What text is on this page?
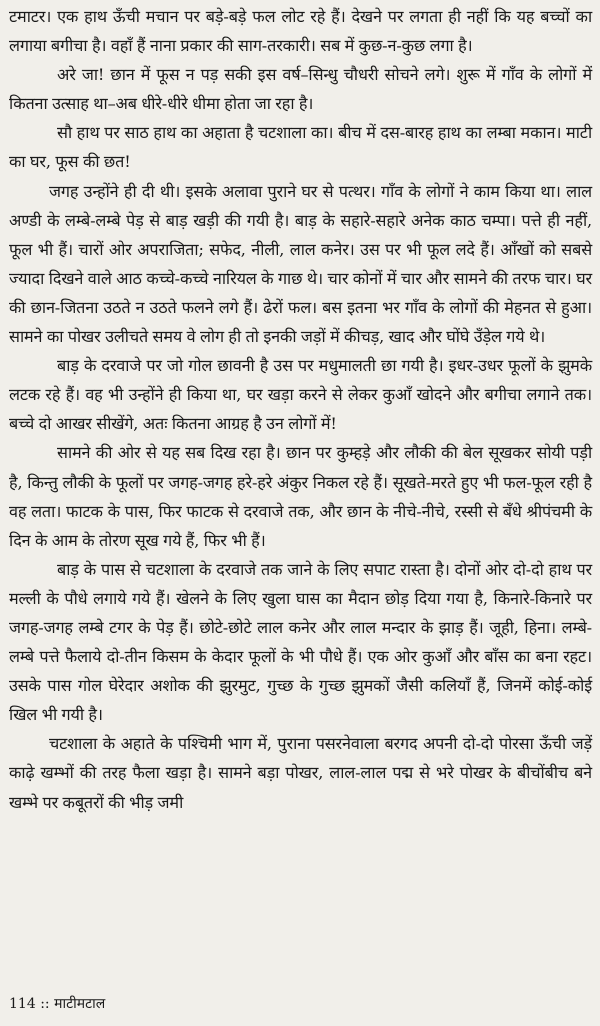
टमाटर। एक हाथ ऊँची मचान पर बड़े-बड़े फल लोट रहे हैं। देखने पर लगता ही नहीं कि यह बच्चों का लगाया बगीचा है। वहाँ हैं नाना प्रकार की साग-तरकारी। सब में कुछ-न-कुछ लगा है।

अरे जा! छान में फूस न पड़ सकी इस वर्ष–सिन्धु चौधरी सोचने लगे। शुरू में गाँव के लोगों में कितना उत्साह था–अब धीरे-धीरे धीमा होता जा रहा है।

सौ हाथ पर साठ हाथ का अहाता है चटशाला का। बीच में दस-बारह हाथ का लम्बा मकान। माटी का घर, फूस की छत!

जगह उन्होंने ही दी थी। इसके अलावा पुराने घर से पत्थर। गाँव के लोगों ने काम किया था। लाल अण्डी के लम्बे-लम्बे पेड़ से बाड़ खड़ी की गयी है। बाड़ के सहारे-सहारे अनेक काठ चम्पा। पत्ते ही नहीं, फूल भी हैं। चारों ओर अपराजिता; सफेद, नीली, लाल कनेर। उस पर भी फूल लदे हैं। आँखों को सबसे ज्यादा दिखने वाले आठ कच्चे-कच्चे नारियल के गाछ थे। चार कोनों में चार और सामने की तरफ चार। घर की छान-जितना उठते न उठते फलने लगे हैं। ढेरों फल। बस इतना भर गाँव के लोगों की मेहनत से हुआ। सामने का पोखर उलीचते समय वे लोग ही तो इनकी जड़ों में कीचड़, खाद और घोंघे उँड़ेल गये थे।

बाड़ के दरवाजे पर जो गोल छावनी है उस पर मधुमालती छा गयी है। इधर-उधर फूलों के झुमके लटक रहे हैं। वह भी उन्होंने ही किया था, घर खड़ा करने से लेकर कुआँ खोदने और बगीचा लगाने तक। बच्चे दो आखर सीखेंगे, अतः कितना आग्रह है उन लोगों में!

सामने की ओर से यह सब दिख रहा है। छान पर कुम्हड़े और लौकी की बेल सूखकर सोयी पड़ी है, किन्तु लौकी के फूलों पर जगह-जगह हरे-हरे अंकुर निकल रहे हैं। सूखते-मरते हुए भी फल-फूल रही है वह लता। फाटक के पास, फिर फाटक से दरवाजे तक, और छान के नीचे-नीचे, रस्सी से बँधे श्रीपंचमी के दिन के आम के तोरण सूख गये हैं, फिर भी हैं।

बाड़ के पास से चटशाला के दरवाजे तक जाने के लिए सपाट रास्ता है। दोनों ओर दो-दो हाथ पर मल्ली के पौधे लगाये गये हैं। खेलने के लिए खुला घास का मैदान छोड़ दिया गया है, किनारे-किनारे पर जगह-जगह लम्बे टगर के पेड़ हैं। छोटे-छोटे लाल कनेर और लाल मन्दार के झाड़ हैं। जूही, हिना। लम्बे-लम्बे पत्ते फैलाये दो-तीन किसम के केदार फूलों के भी पौधे हैं। एक ओर कुआँ और बाँस का बना रहट। उसके पास गोल घेरेदार अशोक की झुरमुट, गुच्छ के गुच्छ झुमकों जैसी कलियाँ हैं, जिनमें कोई-कोई खिल भी गयी है।

चटशाला के अहाते के पश्चिमी भाग में, पुराना पसरनेवाला बरगद अपनी दो-दो पोरसा ऊँची जड़ें काढ़े खम्भों की तरह फैला खड़ा है। सामने बड़ा पोखर, लाल-लाल पद्म से भरे पोखर के बीचोंबीच बने खम्भे पर कबूतरों की भीड़ जमी

114 :: माटीमटाल
